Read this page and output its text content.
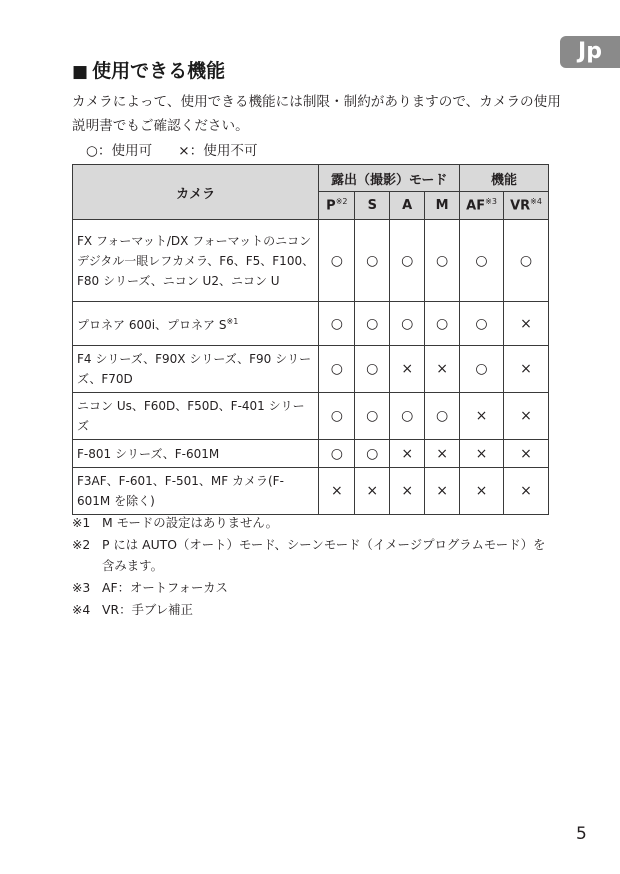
Jp
■ 使用できる機能
カメラによって、使用できる機能には制限・制約がありますので、カメラの使用説明書でもご確認ください。
○：使用可 ×：使用不可
カメラ	露出（撮影）モード				機能	
	$P^{※2}$	S	A	M	AF$^{※3}$	VR$^{※4}$
FX フォーマット/DX フォーマットのニコンデジタル一眼レフカメラ、F6、F5、F100、F80 シリーズ、ニコン U2、ニコン U	○	○	○	○	○	○
プロネア 600i、プロネア $S^{※1}$	○	○	○	○	○	×
F4 シリーズ、F90X シリーズ、F90 シリーズ、F70D	○	○	×	×	○	×
ニコン Us、F60D、F50D、F-401 シリーズ	○	○	○	○	×	×
F-801 シリーズ、F-601M	○	○	×	×	×	×
F3AF、F-601、F-501、MF カメラ(F-601M を除く)	×	×	×	×	×	×
※1 M モードの設定はありません。
※2 P には AUTO（オート）モード、シーンモード（イメージプログラムモード）を含みます。
※3 AF：オートフォーカス
※4 VR：手ブレ補正
5
